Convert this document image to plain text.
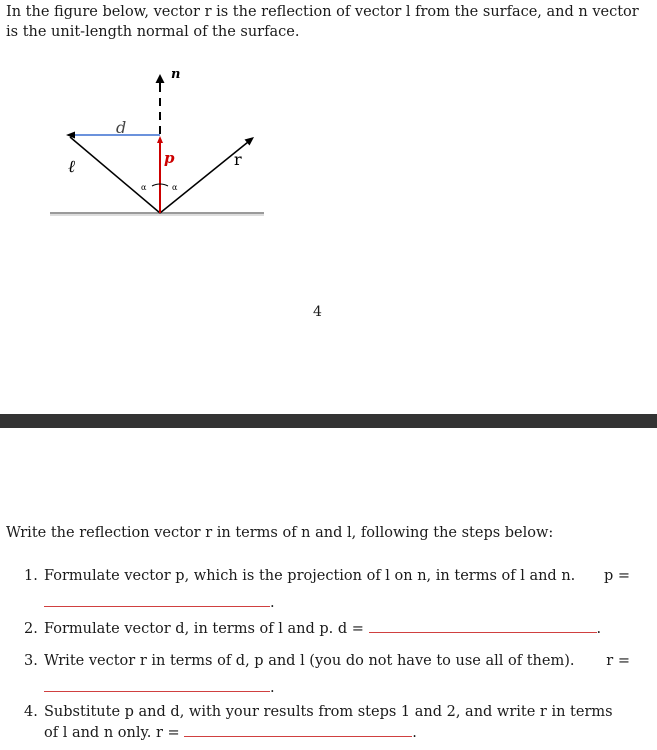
In the figure below, vector r is the reflection of vector l from the surface, and n vector is the unit-length normal of the surface.

n
d
ℓ	p	r
α	α
4

Write the reflection vector r in terms of n and l, following the steps below:

1. Formulate vector p, which is the projection of l on n, in terms of l and n. p =
.
2. Formulate vector d, in terms of l and p. d =	.
3. Write vector r in terms of d, p and l (you do not have to use all of them). r =
.
4. Substitute p and d, with your results from steps 1 and 2, and write r in terms of l and n only. r =	.
